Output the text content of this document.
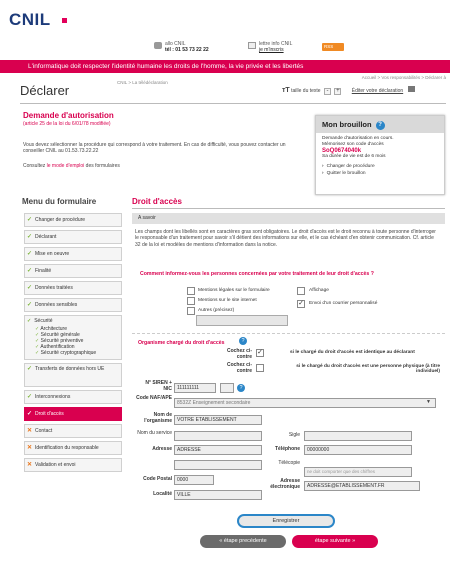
CNIL
allo CNIL
tél : 01 53 73 22 22
lettre info CNIL
je m'inscris
RSS
L'informatique doit respecter l'identité humaine les droits de l'homme, la vie privée et les libertés
Accueil > Vos responsabilités > Déclarer à
Déclarer
CNIL > La télédéclaration
тT taille du texte - + Éditer votre déclaration
Demande d'autorisation
(article 25 de la loi du 6/01/78 modifiée)
Vous devez sélectionner la procédure qui correspond à votre traitement. En cas de difficulté, vous pouvez contacter un conseiller CNIL au 01.53.73.22.22
Consultez le mode d'emploi des formulaires
Mon brouillon ?
Demande d'autorisation en cours.
Mémorisez son code d'accès
SoQ0674040k
Sa durée de vie est de 6 mois
› Changer de procédure
› Quitter le brouillon
Menu du formulaire
✓ Changer de procédure
✓ Déclarant
✓ Mise en oeuvre
✓ Finalité
✓ Données traitées
✓ Données sensibles
✓ Sécurité
✓ Architecture
✓ Sécurité générale
✓ Sécurité préventive
✓ Authentification
✓ Sécurité cryptographique
✓ Transferts de données hors UE
✓ Interconnexions
✓ Droit d'accès
✕ Contact
✕ Identification du responsable
✕ Validation et envoi
Droit d'accès
A savoir
Les champs dont les libellés sont en caractères gras sont obligatoires. Le droit d'accès est le droit reconnu à toute personne d'interroger le responsable d'un traitement pour savoir s'il détient des informations sur elle, et le cas échéant d'en obtenir communication. Cf. article 32 de la loi et modèles de mentions d'information dans la notice.
Comment informez-vous les personnes concernées par votre traitement de leur droit d'accès ?
Mentions légales sur le formulaire
Mentions sur le site internet
Autres (précisez)
Affichage
✓ Envoi d'un courrier personnalisé
Organisme chargé du droit d'accès	?
Cochez ci-contre
✓	si le chargé du droit d'accès est identique au déclarant
Cochez ci-contre
si le chargé du droit d'accès est une personne physique (à titre individuel)
N° SIREN + NIC	111111111	?
Code NAF/APE
8532Z Enseignement secondaire	▼
Nom de l'organisme	VOTRE ETABLISSEMENT
Nom du service	Sigle
Adresse	ADRESSE	Téléphone	00000000
Télécopie
ne doit comporter que des chiffres
Code Postal	0000	Adresse électronique	ADRESSE@ETABLISSEMENT.FR
Localité	VILLE
Enregistrer
« étape precédente	étape suivante »
